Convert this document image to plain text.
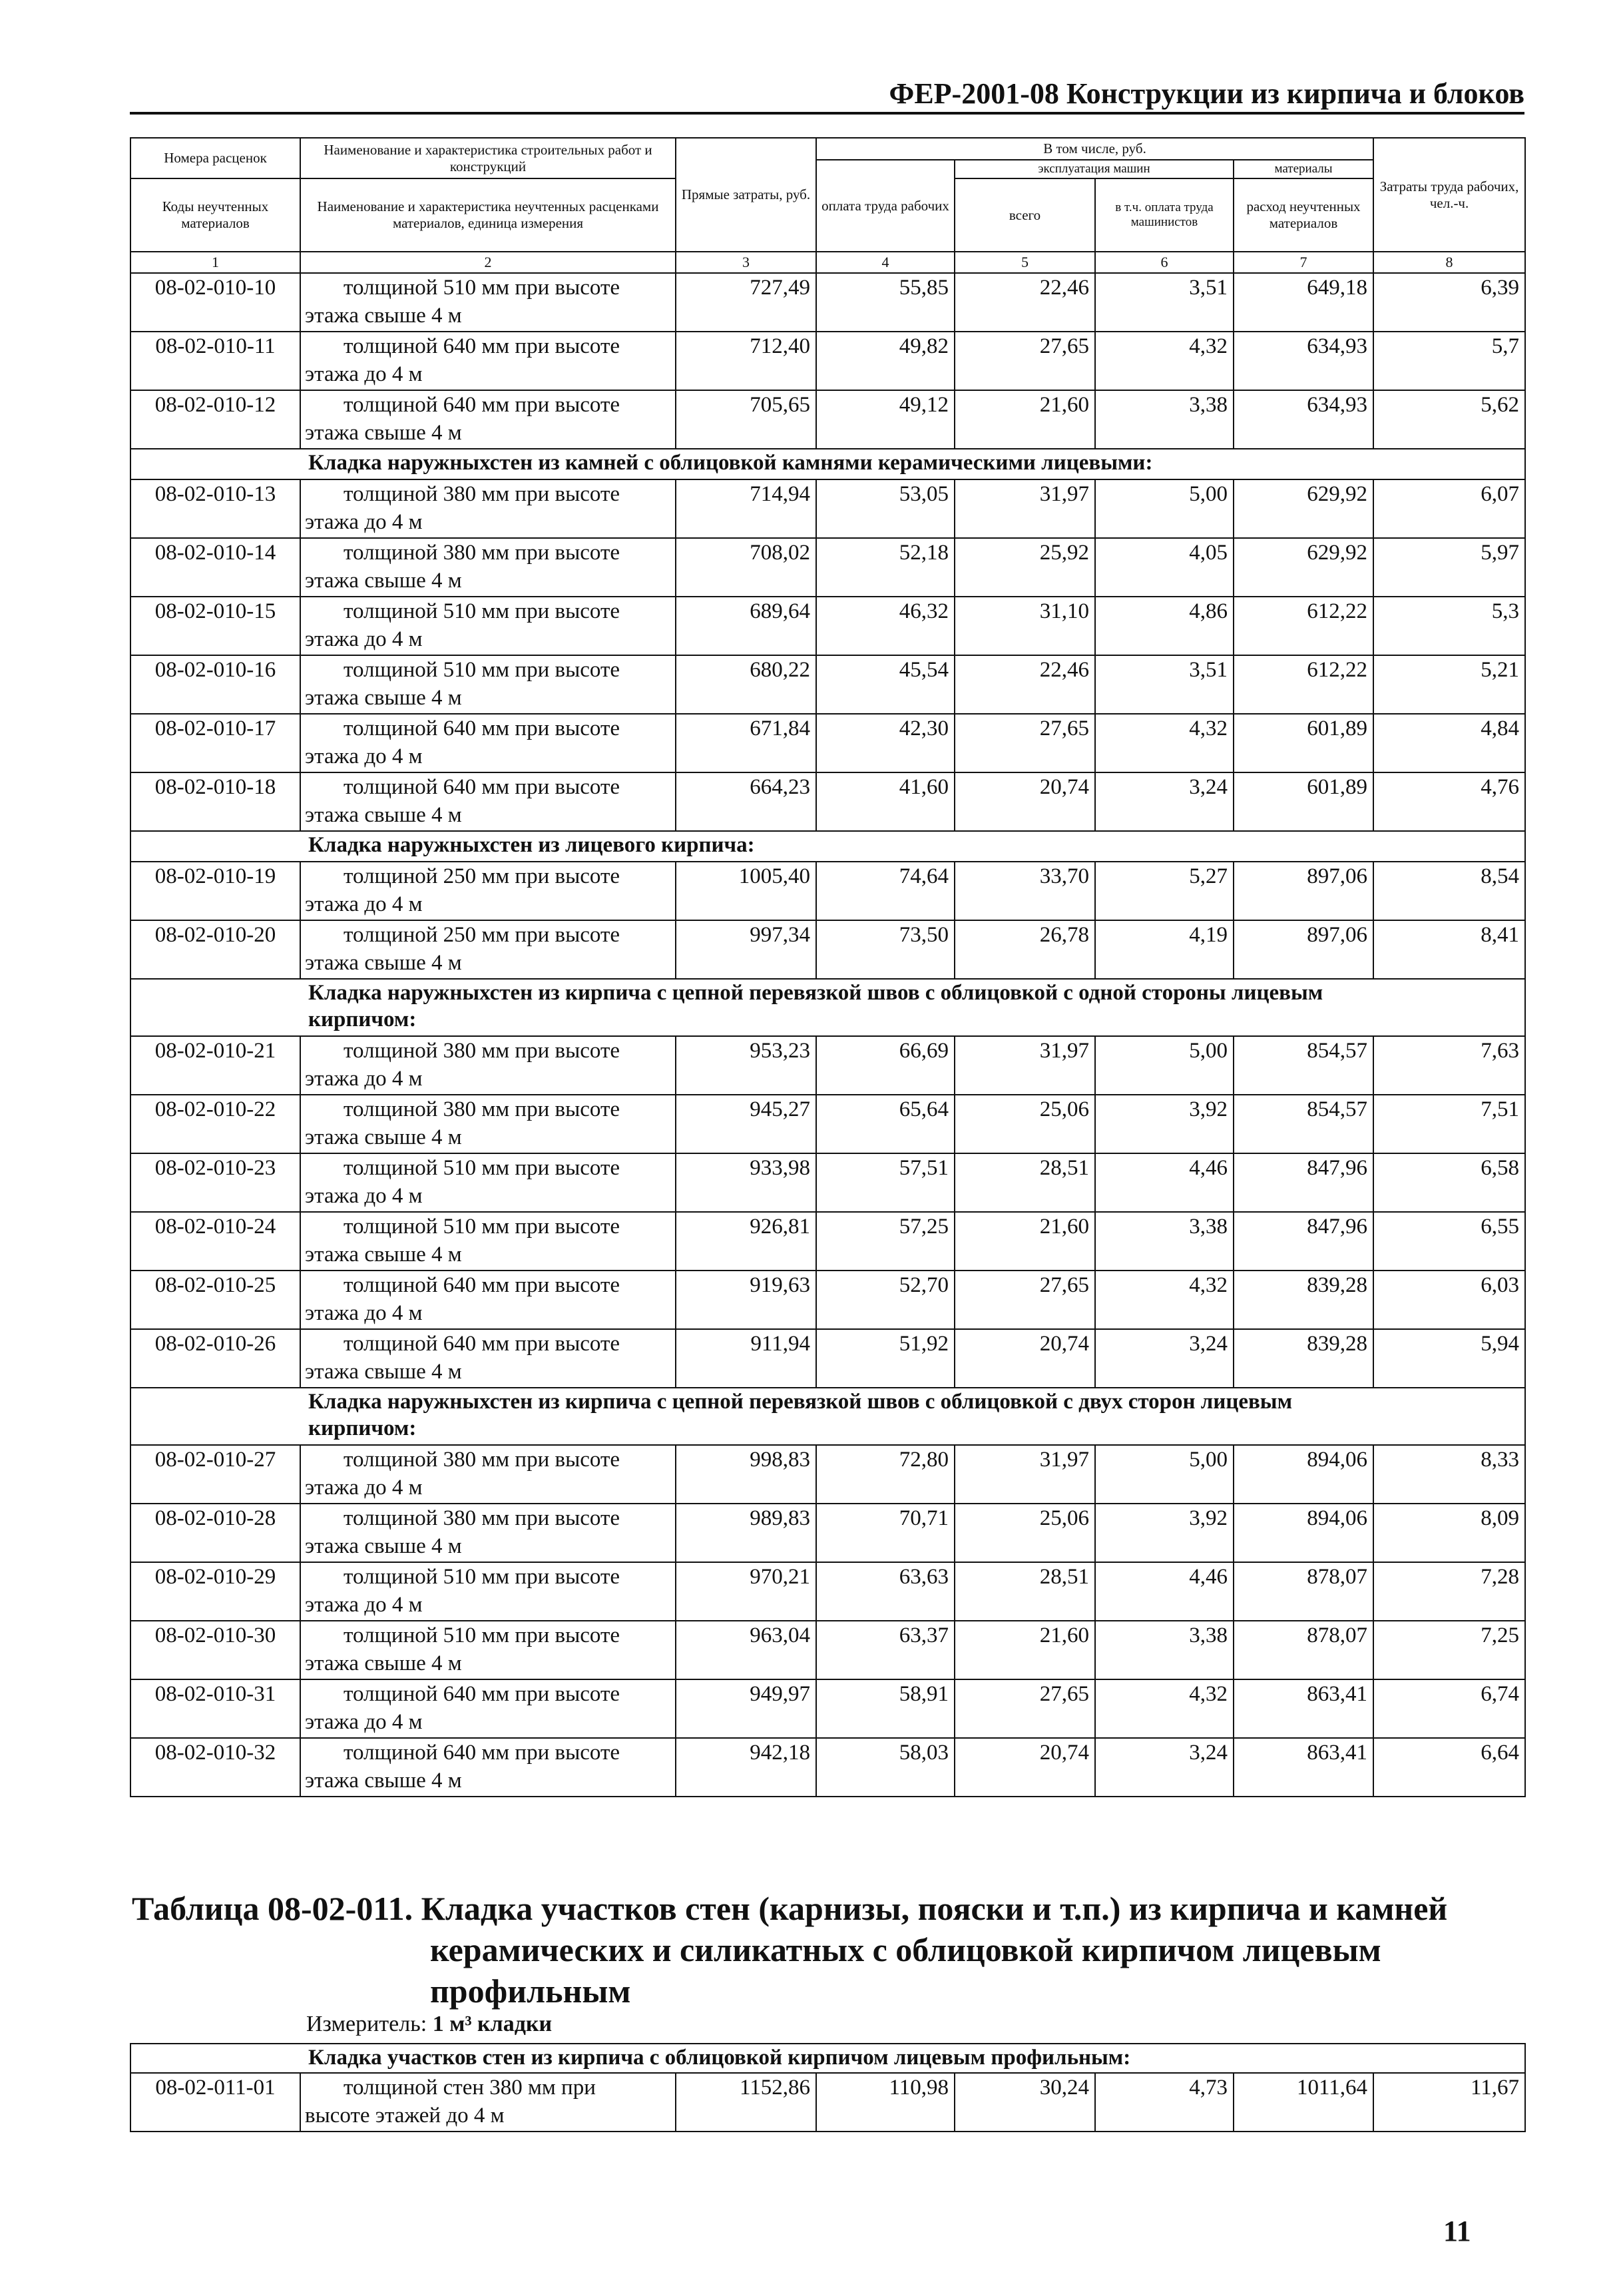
ФЕР-2001-08 Конструкции из кирпича и блоков
Номера расценок	Наименование и характеристика строительных работ и конструкций	Прямые затраты, руб.	В том числе, руб.				Затраты труда рабочих, чел.-ч.
			оплата труда рабочих	эксплуатация машин		материалы	
Коды неучтенных материалов	Наименование и характеристика неучтенных расценками материалов, единица измерения			всего	в т.ч. оплата труда машинистов	расход неучтенных материалов	

1	2	3	4	5	6	7	8
08-02-010-10	толщиной 510 мм при высоте
этажа свыше 4 м	727,49	55,85	22,46	3,51	649,18	6,39
08-02-010-11	толщиной 640 мм при высоте
этажа до 4 м	712,40	49,82	27,65	4,32	634,93	5,7
08-02-010-12	толщиной 640 мм при высоте
этажа свыше 4 м	705,65	49,12	21,60	3,38	634,93	5,62
Кладка наружныхстен из камней с облицовкой камнями керамическими лицевыми:							
08-02-010-13	толщиной 380 мм при высоте
этажа до 4 м	714,94	53,05	31,97	5,00	629,92	6,07
08-02-010-14	толщиной 380 мм при высоте
этажа свыше 4 м	708,02	52,18	25,92	4,05	629,92	5,97
08-02-010-15	толщиной 510 мм при высоте
этажа до 4 м	689,64	46,32	31,10	4,86	612,22	5,3
08-02-010-16	толщиной 510 мм при высоте
этажа свыше 4 м	680,22	45,54	22,46	3,51	612,22	5,21
08-02-010-17	толщиной 640 мм при высоте
этажа до 4 м	671,84	42,30	27,65	4,32	601,89	4,84
08-02-010-18	толщиной 640 мм при высоте
этажа свыше 4 м	664,23	41,60	20,74	3,24	601,89	4,76
Кладка наружныхстен из лицевого кирпича:							
08-02-010-19	толщиной 250 мм при высоте
этажа до 4 м	1005,40	74,64	33,70	5,27	897,06	8,54
08-02-010-20	толщиной 250 мм при высоте
этажа свыше 4 м	997,34	73,50	26,78	4,19	897,06	8,41

Кладка наружныхстен из кирпича с цепной перевязкой швов с облицовкой с одной стороны лицевым
кирпичом:							

08-02-010-21	толщиной 380 мм при высоте
этажа до 4 м	953,23	66,69	31,97	5,00	854,57	7,63
08-02-010-22	толщиной 380 мм при высоте
этажа свыше 4 м	945,27	65,64	25,06	3,92	854,57	7,51
08-02-010-23	толщиной 510 мм при высоте
этажа до 4 м	933,98	57,51	28,51	4,46	847,96	6,58
08-02-010-24	толщиной 510 мм при высоте
этажа свыше 4 м	926,81	57,25	21,60	3,38	847,96	6,55
08-02-010-25	толщиной 640 мм при высоте
этажа до 4 м	919,63	52,70	27,65	4,32	839,28	6,03
08-02-010-26	толщиной 640 мм при высоте
этажа свыше 4 м	911,94	51,92	20,74	3,24	839,28	5,94

Кладка наружныхстен из кирпича с цепной перевязкой швов с облицовкой с двух сторон лицевым
кирпичом:							

08-02-010-27	толщиной 380 мм при высоте
этажа до 4 м	998,83	72,80	31,97	5,00	894,06	8,33
08-02-010-28	толщиной 380 мм при высоте
этажа свыше 4 м	989,83	70,71	25,06	3,92	894,06	8,09
08-02-010-29	толщиной 510 мм при высоте
этажа до 4 м	970,21	63,63	28,51	4,46	878,07	7,28
08-02-010-30	толщиной 510 мм при высоте
этажа свыше 4 м	963,04	63,37	21,60	3,38	878,07	7,25
08-02-010-31	толщиной 640 мм при высоте
этажа до 4 м	949,97	58,91	27,65	4,32	863,41	6,74
08-02-010-32	толщиной 640 мм при высоте
этажа свыше 4 м	942,18	58,03	20,74	3,24	863,41	6,64
Таблица 08-02-011. Кладка участков стен (карнизы, пояски и т.п.) из кирпича и камней
керамических и силикатных с облицовкой кирпичом лицевым
профильным
Измеритель: 1 м³ кладки
Кладка участков стен из кирпича с облицовкой кирпичом лицевым профильным:
08-02-011-01	толщиной стен 380 мм при
высоте этажей до 4 м	1152,86	110,98	30,24	4,73	1011,64	11,67
11
